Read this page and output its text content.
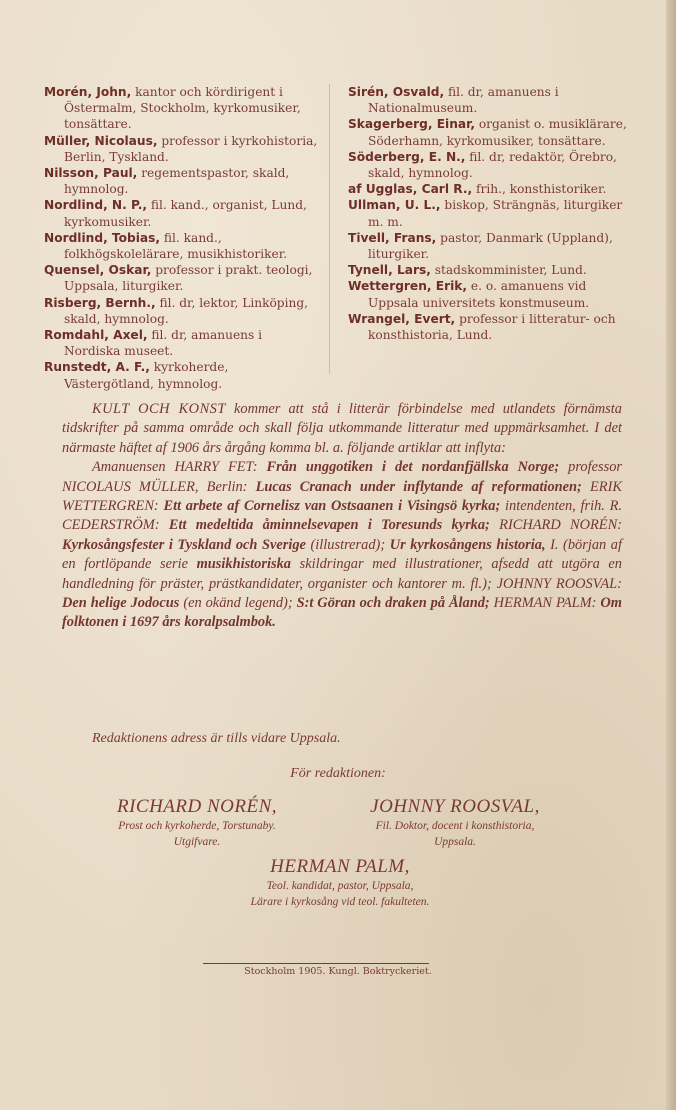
Morén, John, kantor och kördirigent i Östermalm, Stockholm, kyrkomusiker, tonsättare.

Müller, Nicolaus, professor i kyrkohistoria, Berlin, Tyskland.

Nilsson, Paul, regementspastor, skald, hymnolog.

Nordlind, N. P., fil. kand., organist, Lund, kyrkomusiker.

Nordlind, Tobias, fil. kand., folkhögskolelärare, musikhistoriker.

Quensel, Oskar, professor i prakt. teologi, Uppsala, liturgiker.

Risberg, Bernh., fil. dr, lektor, Linköping, skald, hymnolog.

Romdahl, Axel, fil. dr, amanuens i Nordiska museet.

Runstedt, A. F., kyrkoherde, Västergötland, hymnolog.

Sirén, Osvald, fil. dr, amanuens i Nationalmuseum.

Skagerberg, Einar, organist o. musiklärare, Söderhamn, kyrkomusiker, tonsättare.

Söderberg, E. N., fil. dr, redaktör, Örebro, skald, hymnolog.

af Ugglas, Carl R., frih., konsthistoriker.

Ullman, U. L., biskop, Strängnäs, liturgiker m. m.

Tivell, Frans, pastor, Danmark (Uppland), liturgiker.

Tynell, Lars, stadskomminister, Lund.

Wettergren, Erik, e. o. amanuens vid Uppsala universitets konstmuseum.

Wrangel, Evert, professor i litteratur- och konsthistoria, Lund.

KULT OCH KONST kommer att stå i litterär förbindelse med utlandets förnämsta tidskrifter på samma område och skall följa utkommande litteratur med uppmärksamhet. I det närmaste häftet af 1906 års årgång komma bl. a. följande artiklar att inflyta:

Amanuensen HARRY FET: Från unggotiken i det nordanfjällska Norge; professor NICOLAUS MÜLLER, Berlin: Lucas Cranach under inflytande af reformationen; ERIK WETTERGREN: Ett arbete af Cornelisz van Ostsaanen i Visingsö kyrka; intendenten, frih. R. CEDERSTRÖM: Ett medeltida åminnelsevapen i Toresunds kyrka; RICHARD NORÉN: Kyrkosångsfester i Tyskland och Sverige (illustrerad); Ur kyrkosångens historia, I. (början af en fortlöpande serie musikhistoriska skildringar med illustrationer, afsedd att utgöra en handledning för präster, prästkandidater, organister och kantorer m. fl.); JOHNNY ROOSVAL: Den helige Jodocus (en okänd legend); S:t Göran och draken på Åland; HERMAN PALM: Om folktonen i 1697 års koralpsalmbok.

Redaktionens adress är tills vidare Uppsala.
För redaktionen:
RICHARD NORÉN,
Prost och kyrkoherde, Torstunaby.
Utgifvare.
JOHNNY ROOSVAL,
Fil. Doktor, docent i konsthistoria,
Uppsala.
HERMAN PALM,
Teol. kandidat, pastor, Uppsala,
Lärare i kyrkosång vid teol. fakulteten.
Stockholm 1905. Kungl. Boktryckeriet.
